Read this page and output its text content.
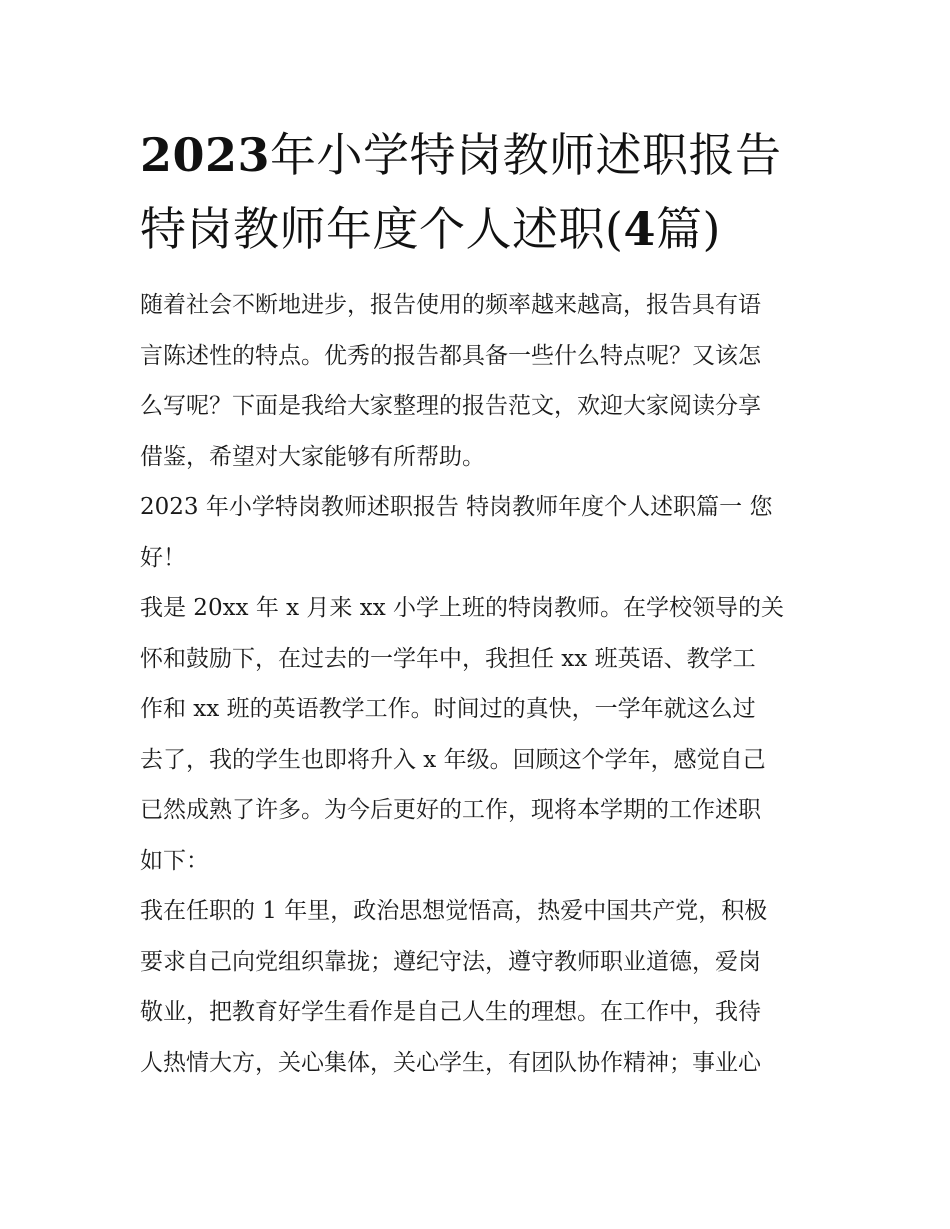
2023年小学特岗教师述职报告
特岗教师年度个人述职(4篇)
随着社会不断地进步，报告使用的频率越来越高，报告具有语
言陈述性的特点。优秀的报告都具备一些什么特点呢？又该怎
么写呢？下面是我给大家整理的报告范文，欢迎大家阅读分享
借鉴，希望对大家能够有所帮助。
2023 年小学特岗教师述职报告 特岗教师年度个人述职篇一 您
好！
我是 20xx 年 x 月来 xx 小学上班的特岗教师。在学校领导的关
怀和鼓励下，在过去的一学年中，我担任 xx 班英语、教学工
作和 xx 班的英语教学工作。时间过的真快，一学年就这么过
去了，我的学生也即将升入 x 年级。回顾这个学年，感觉自己
已然成熟了许多。为今后更好的工作，现将本学期的工作述职
如下：
我在任职的 1 年里，政治思想觉悟高，热爱中国共产党，积极
要求自己向党组织靠拢；遵纪守法，遵守教师职业道德，爱岗
敬业，把教育好学生看作是自己人生的理想。在工作中，我待
人热情大方，关心集体，关心学生，有团队协作精神；事业心
